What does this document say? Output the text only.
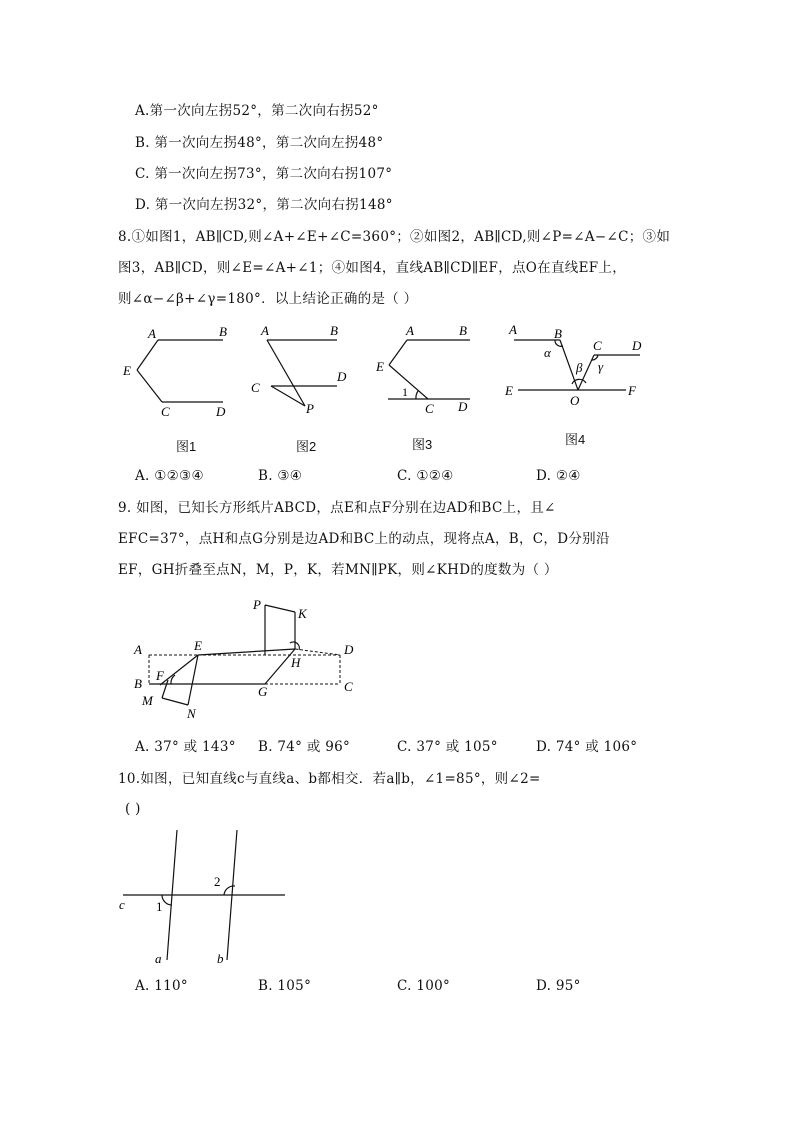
A.第一次向左拐52°，第二次向右拐52°
B. 第一次向左拐48°，第二次向左拐48°
C. 第一次向左拐73°，第二次向右拐107°
D. 第一次向左拐32°，第二次向右拐148°
8.①如图1，AB∥CD,则∠A+∠E+∠C=360°；②如图2，AB∥CD,则∠P=∠A−∠C；③如
图3，AB∥CD，则∠E=∠A+∠1；④如图4，直线AB∥CD∥EF，点O在直线EF上，
则∠α−∠β+∠γ=180°．以上结论正确的是（ ）
A	B
E
C	D
图1
A	B
C
D
P
图2
A	B
E
C D
1
图3
A	B
C D
α
β γ
E
O
F
图4
A. ①②③④	B. ③④	C. ①②④	D. ②④
9. 如图，已知长方形纸片ABCD，点E和点F分别在边AD和BC上，且∠
EFC=37°，点H和点G分别是边AD和BC上的动点，现将点A，B，C，D分别沿
EF，GH折叠至点N，M，P，K，若MN∥PK，则∠KHD的度数为（ ）
P
K
A	E	D
F
H
B
G	C
M
N
A. 37° 或 143° B. 74° 或 96°	C. 37° 或 105°	D. 74° 或 106°
10.如图，已知直线c与直线a、b都相交．若a∥b，∠1=85°，则∠2=
( )
c
a	b
1
2
A. 110°	B. 105°	C. 100°	D. 95°
